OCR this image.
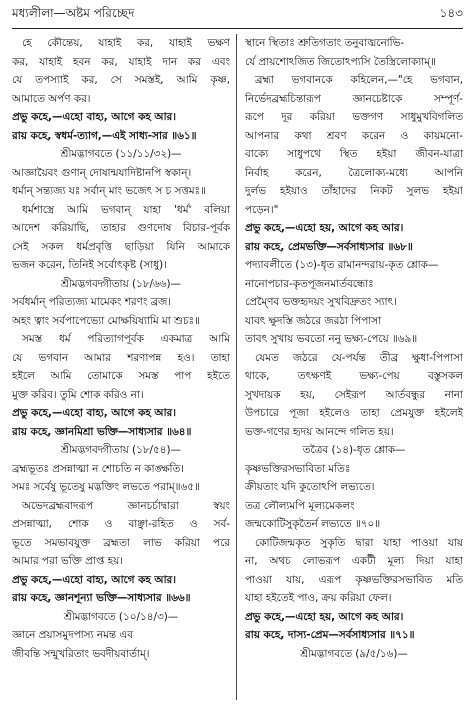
মধ্যলীলা—অষ্টম পরিচ্ছেদ	১৪৩
হে কৌন্তেয়, যাহাই কর, যাহাই ভক্ষণ
কর, যাহাই হবন কর, যাহাই দান কর এবং
যে তপস্যাই কর, সে সমস্তই, আমি কৃষ্ণ,
আমাতে অর্পণ কর।
প্রভু কহে,—এহো বাহ্য, আগে কহ আর।
রায় কহে, স্বধর্ম-ত্যাগ,—এই সাধ্য-সার ॥৬১॥
শ্রীমদ্ভাগবতে (১১/১১/৩২)—
আজ্ঞায়ৈবং গুণান্ দোষান্মযাদিষ্টানপি স্বকান্।
ধর্মান্ সন্ত্যজ্য যঃ সর্বান্ মাং ভজেৎ স চ সত্তমঃ॥
ধর্মশাস্ত্রে আমি ভগবান্ যাহা 'ধর্ম' বলিয়া
আদেশ করিয়াছি, তাহার গুণদোষ বিচার-পূর্বক
সেই সকল ধর্মপ্রবৃত্তি ছাড়িয়া যিনি আমাকে
ভজন করেন, তিনিই সর্বোৎকৃষ্ট (সাধু)।
শ্রীমদ্ভগবদ্গীতায় (১৮/৬৬)—
সর্বধর্মান্ পরিত্যজ্য মামেকং শরণং ব্রজ।
অহং ত্বাং সর্বপাপেভ্যো মোক্ষয়িষ্যামি মা শুচঃ॥
সমস্ত ধর্ম পরিত্যাগপূর্বক একমাত্র আমি
যে ভগবান আমার শরণাপন্ন হও। তাহা
হইলে আমি তোমাকে সমস্ত পাপ হইতে
মুক্ত করিব। তুমি শোক করিও না।
প্রভু কহে,—এহো বাহ্য, আগে কহ আর।
রায় কহে, জ্ঞানমিশ্রা ভক্তি—সাধ্যসার ॥৬৪॥
শ্রীমদ্ভগবদ্গীতায় (১৮/৫৪)—
ব্রহ্মভূতঃ প্রসন্নাত্মা ন শোচতি ন কাঙ্ক্ষতি।
সমঃ সর্বেষু ভূতেষু মদ্ভক্তিং লভতে পরাম্॥৬৫॥
অভেদব্রহ্মবাদরূপ জ্ঞানচর্চাদ্বারা স্বয়ং
প্রসন্নাত্মা, শোক ও বাঞ্ছা-রহিত ও সর্ব-
ভূতে সমভাবযুক্ত ব্রহ্মতা লাভ করিয়া পরে
আমার পরা ভক্তি প্রাপ্ত হয়।
প্রভু কহে,—এহো বাহ্য, আগে কহ আর।
রায় কহে, জ্ঞানশূন্যা ভক্তি—সাধ্যসার ॥৬৬॥
শ্রীমদ্ভাগবতে (১০/১৪/৩)—
জ্ঞানে প্রয়াসমুদপাস্য নমন্ত এব
জীবন্তি সন্মুখরিতাং ভবদীয়বার্তাম্।
স্থানে স্থিতাঃ শ্রুতিগতাং তনুবাঙ্মনোভি-
র্যে প্রায়শোঽজিত জিতোঽপ্যসি তৈস্ত্রিলোক্যাম্॥
ব্রহ্মা ভগবানকে কহিলেন,—"হে ভগবান,
নির্ভেদব্রহ্মচিন্তারূপ জ্ঞানচেষ্টাকে সম্পূর্ণ-
রূপে দূর করিয়া ভক্তগণ সাধুমুখবিগলিত
আপনার কথা শ্রবণ করেন ও কায়মনো-
বাক্যে সাধুপথে স্থিত হইয়া জীবন-যাত্রা
নির্বাহ করেন, ত্রৈলোক্য-মধ্যে আপনি
দুর্লভ হইয়াও তাঁহাদের নিকট সুলভ হইয়া
পড়েন।"
প্রভু কহে,—এহো হয়, আগে কহ আর।
রায় কহে, প্রেমভক্তি—সর্বসাধ্যসার ॥৬৮॥
পদ্যাবলীতে (১৩)-ধৃত রামানন্দরায়-কৃত শ্লোক—
নানোপচার-কৃতপূজনমার্তবন্ধোঃ
প্রেম্ণৈব ভক্তহৃদয়ং সুখবিদ্রুতং স্যাৎ।
যাবৎ ক্ষুদস্তি জঠরে জরঠা পিপাসা
তাবৎ সুখায় ভবতো ননু ভক্ষ্য-পেয়ে ॥৬৯॥
যেমত জঠরে যে-পর্যন্ত তীব্র ক্ষুধা-পিপাসা
থাকে, তৎক্ষণই ভক্ষ্য-পেয় বস্তুসকল
সুখদায়ক হয়, সেইরূপ আর্তবন্ধুর নানা
উপচারে পূজা হইলেও তাহা প্রেমযুক্ত হইলেই
ভক্ত-গণের হৃদয় আনন্দে গলিত হয়।
তত্রৈব (১৪)-ধৃত শ্লোক—
কৃষ্ণভক্তিরসভাবিতা মতিঃ
ক্রীয়তাং যদি কুতোঽপি লভ্যতে।
তত্র লৌল্যমপি মূল্যমেকলং
জন্মকোটিসুকৃতৈর্ন লভ্যতে ॥৭০॥
কোটিজন্মকৃত সুকৃতি দ্বারা যাহা পাওয়া যায়
না, অথচ লোভরূপ একটী মূল্য দিয়া যাহা
পাওয়া যায়, এরূপ কৃষ্ণভক্তিরসভাবিত মতি
যাহা হইতেই পাও, ক্রয় করিয়া ফেল।
প্রভু কহে,—এহো হয়, আগে কহ আর।
রায় কহে, দাস্য-প্রেম—সর্বসাধ্যসার ॥৭১॥
শ্রীমদ্ভাগবতে (৯/৫/১৬)—
